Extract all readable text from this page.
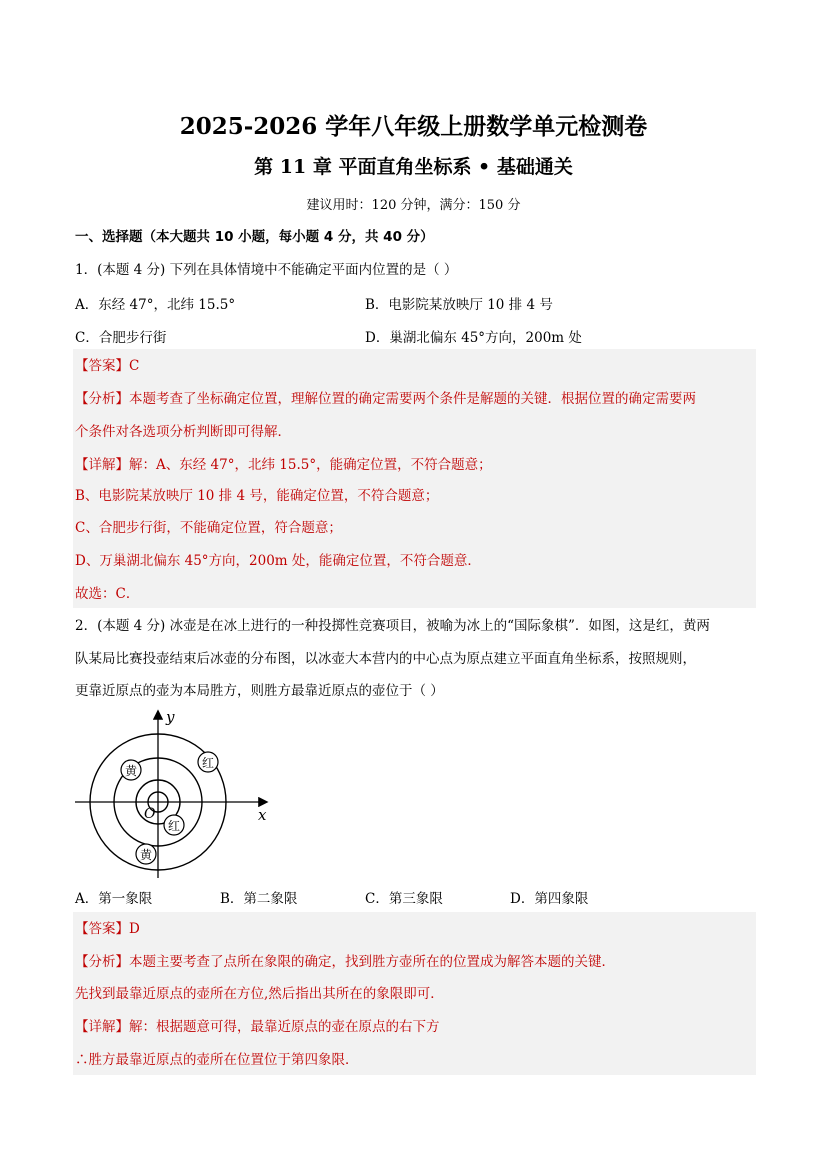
2025-2026 学年八年级上册数学单元检测卷
第 11 章 平面直角坐标系 • 基础通关
建议用时：120 分钟，满分：150 分
一、选择题（本大题共 10 小题，每小题 4 分，共 40 分）
1．(本题 4 分) 下列在具体情境中不能确定平面内位置的是（ ）
A．东经 47°，北纬 15.5°	B．电影院某放映厅 10 排 4 号
C．合肥步行街	D．巢湖北偏东 45°方向，200m 处
【答案】C
【分析】本题考查了坐标确定位置，理解位置的确定需要两个条件是解题的关键．根据位置的确定需要两
个条件对各选项分析判断即可得解．
【详解】解：A、东经 47°，北纬 15.5°，能确定位置，不符合题意；
B、电影院某放映厅 10 排 4 号，能确定位置，不符合题意；
C、合肥步行街，不能确定位置，符合题意；
D、万巢湖北偏东 45°方向，200m 处，能确定位置，不符合题意．
故选：C．
2．(本题 4 分) 冰壶是在冰上进行的一种投掷性竞赛项目，被喻为冰上的“国际象棋”．如图，这是红，黄两
队某局比赛投壶结束后冰壶的分布图，以冰壶大本营内的中心点为原点建立平面直角坐标系，按照规则，
更靠近原点的壶为本局胜方，则胜方最靠近原点的壶位于（ ）
x
y
O
黄
红
红
黄
A．第一象限	B．第二象限	C．第三象限	D．第四象限
【答案】D
【分析】本题主要考查了点所在象限的确定，找到胜方壶所在的位置成为解答本题的关键．
先找到最靠近原点的壶所在方位,然后指出其所在的象限即可．
【详解】解：根据题意可得，最靠近原点的壶在原点的右下方
∴胜方最靠近原点的壶所在位置位于第四象限．
